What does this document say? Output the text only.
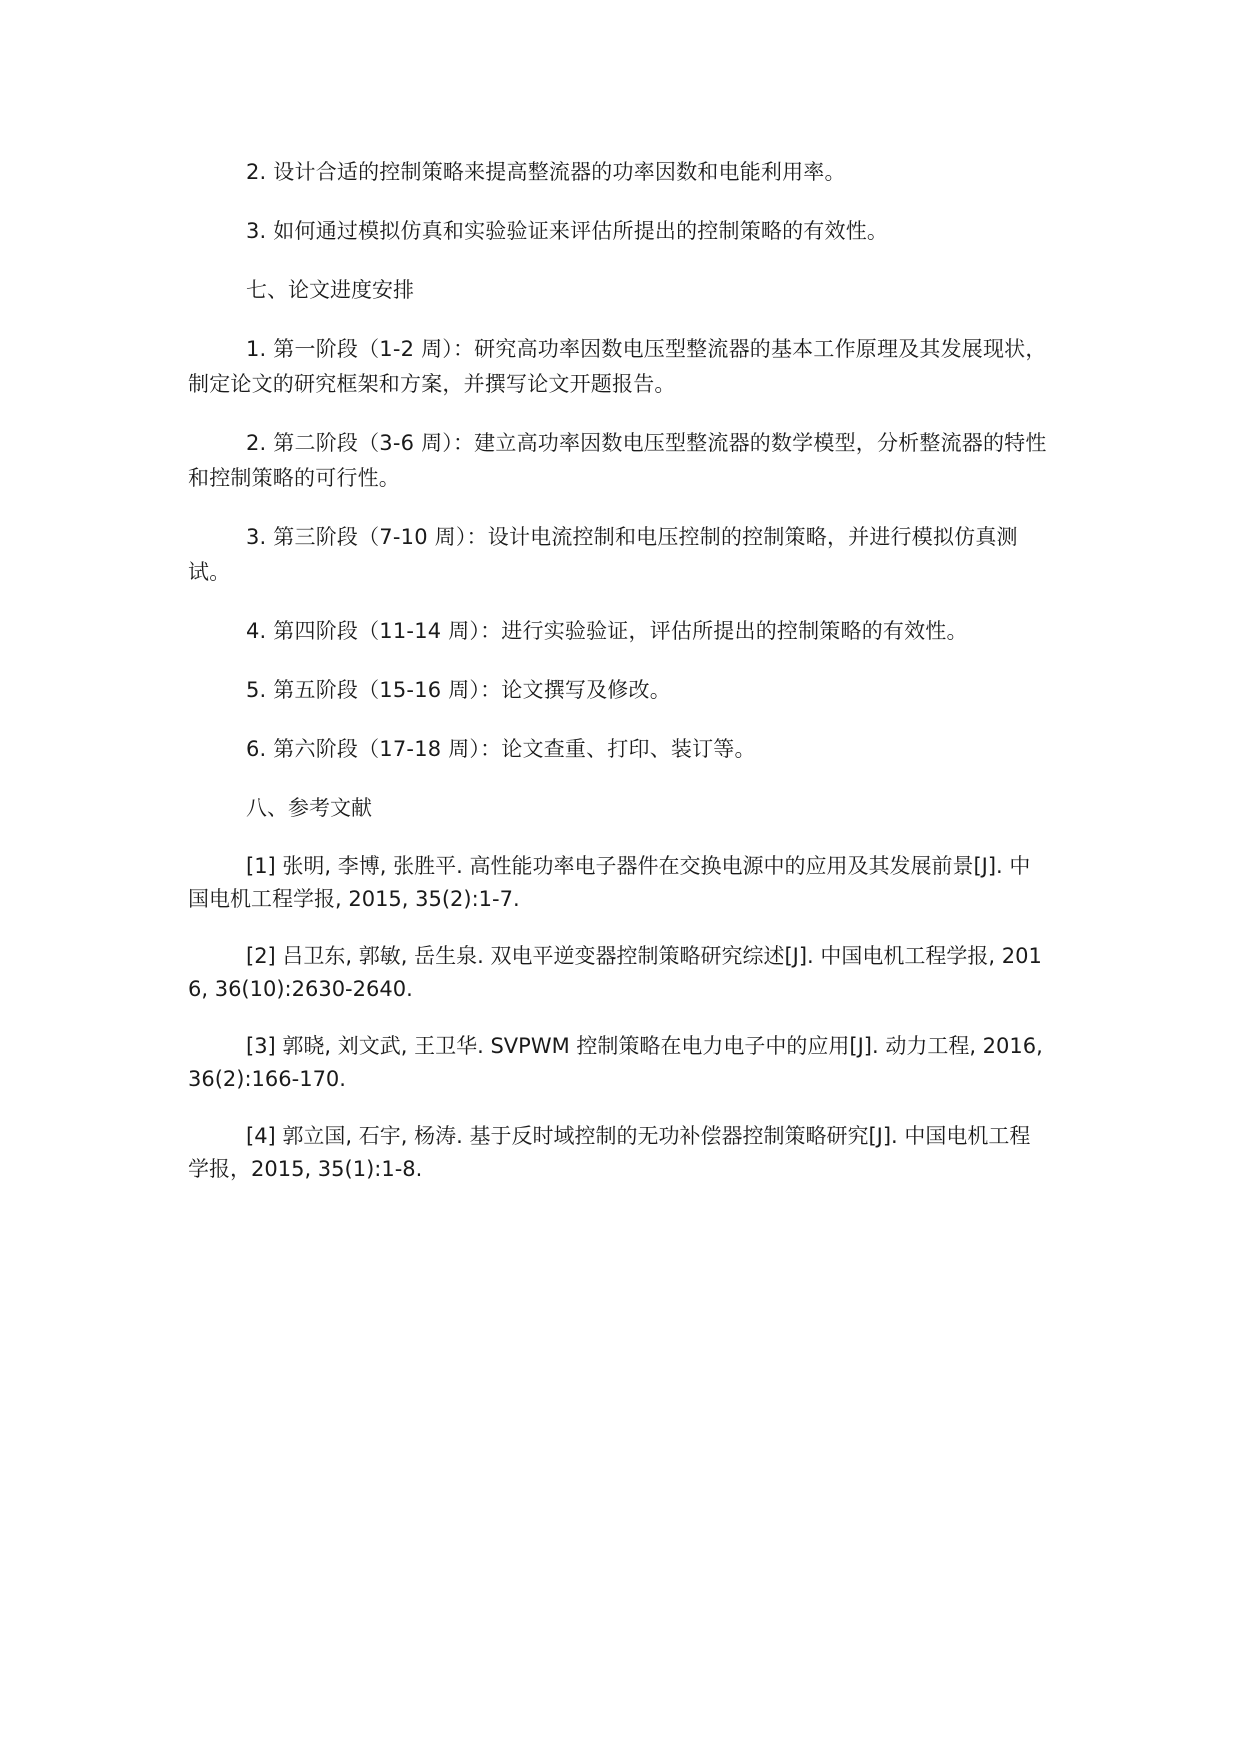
2. 设计合适的控制策略来提高整流器的功率因数和电能利用率。

3. 如何通过模拟仿真和实验验证来评估所提出的控制策略的有效性。

七、论文进度安排

1. 第一阶段（1-2 周）：研究高功率因数电压型整流器的基本工作原理及其发展现状，制定论文的研究框架和方案，并撰写论文开题报告。

2. 第二阶段（3-6 周）：建立高功率因数电压型整流器的数学模型，分析整流器的特性和控制策略的可行性。

3. 第三阶段（7-10 周）：设计电流控制和电压控制的控制策略，并进行模拟仿真测试。

4. 第四阶段（11-14 周）：进行实验验证，评估所提出的控制策略的有效性。

5. 第五阶段（15-16 周）：论文撰写及修改。

6. 第六阶段（17-18 周）：论文查重、打印、装订等。

八、参考文献

[1] 张明, 李博, 张胜平. 高性能功率电子器件在交换电源中的应用及其发展前景[J]. 中国电机工程学报, 2015, 35(2):1-7.

[2] 吕卫东, 郭敏, 岳生泉. 双电平逆变器控制策略研究综述[J]. 中国电机工程学报, 2016, 36(10):2630-2640.

[3] 郭晓, 刘文武, 王卫华. SVPWM 控制策略在电力电子中的应用[J]. 动力工程, 2016,36(2):166-170.

[4] 郭立国, 石宇, 杨涛. 基于反时域控制的无功补偿器控制策略研究[J]. 中国电机工程学报，2015, 35(1):1-8.
